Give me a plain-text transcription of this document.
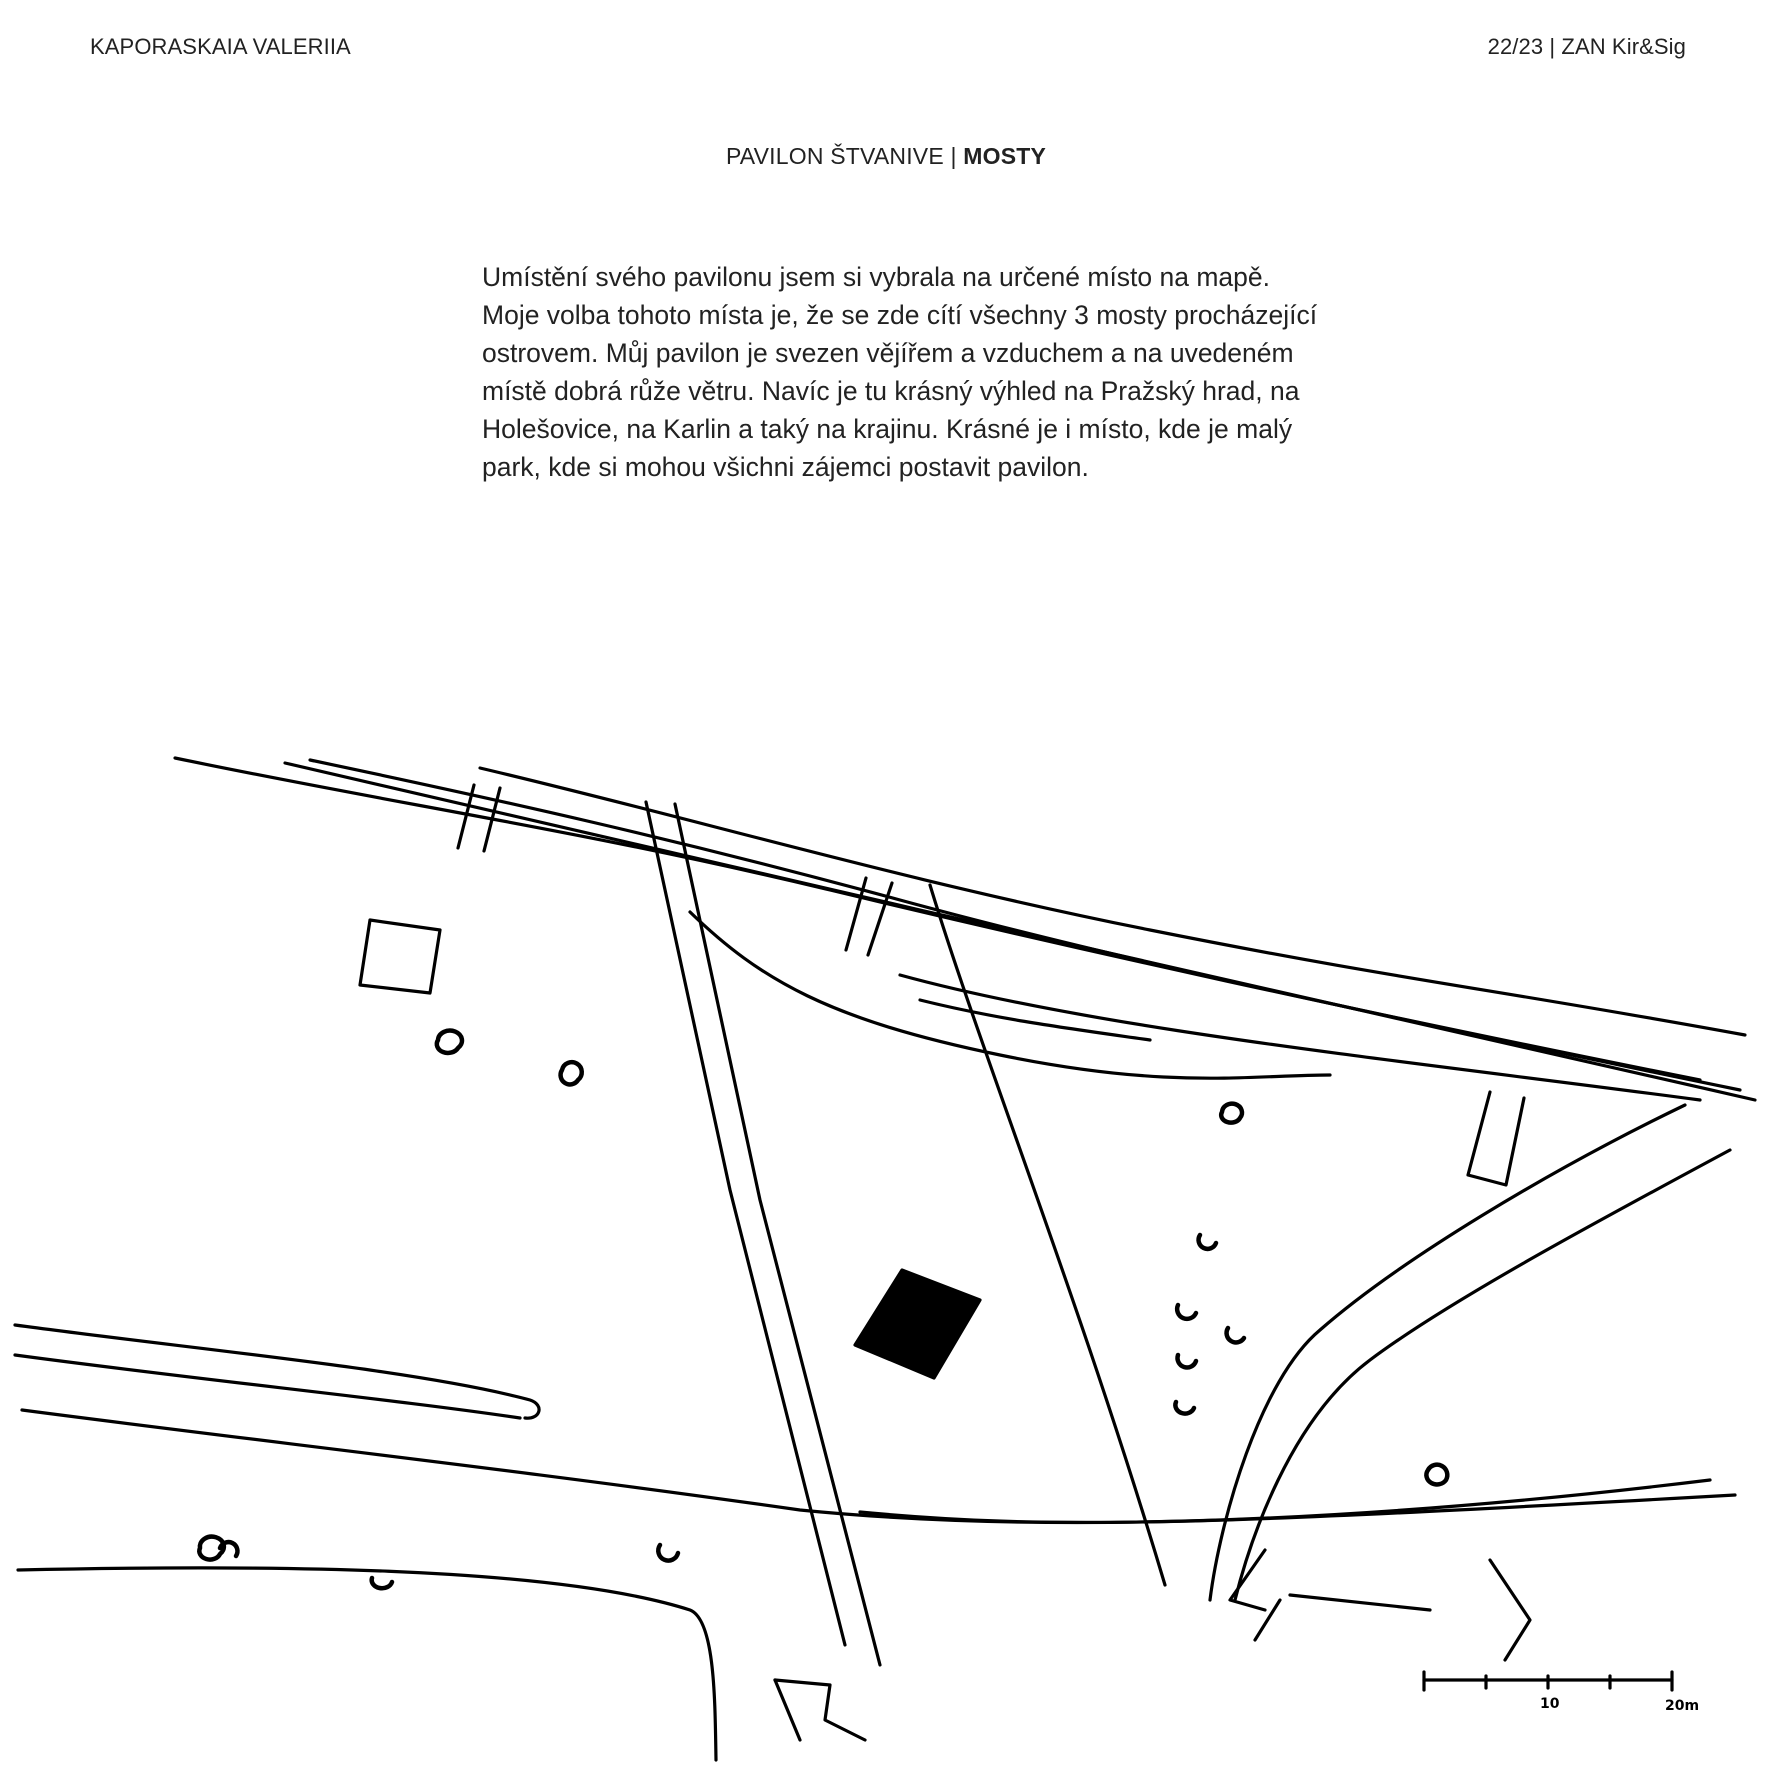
KAPORASKAIA VALERIIA	22/23 | ZAN Kir&Sig
PAVILON ŠTVANIVE | MOSTY
Umístění svého pavilonu jsem si vybrala na určené místo na mapě. Moje volba tohoto místa je, že se zde cítí všechny 3 mosty procházející ostrovem. Můj pavilon je svezen vějířem a vzduchem a na uvedeném místě dobrá růže větru. Navíc je tu krásný výhled na Pražský hrad, na Holešovice, na Karlin a taký na krajinu. Krásné je i místo, kde je malý park, kde si mohou všichni zájemci postavit pavilon.
10	20m
